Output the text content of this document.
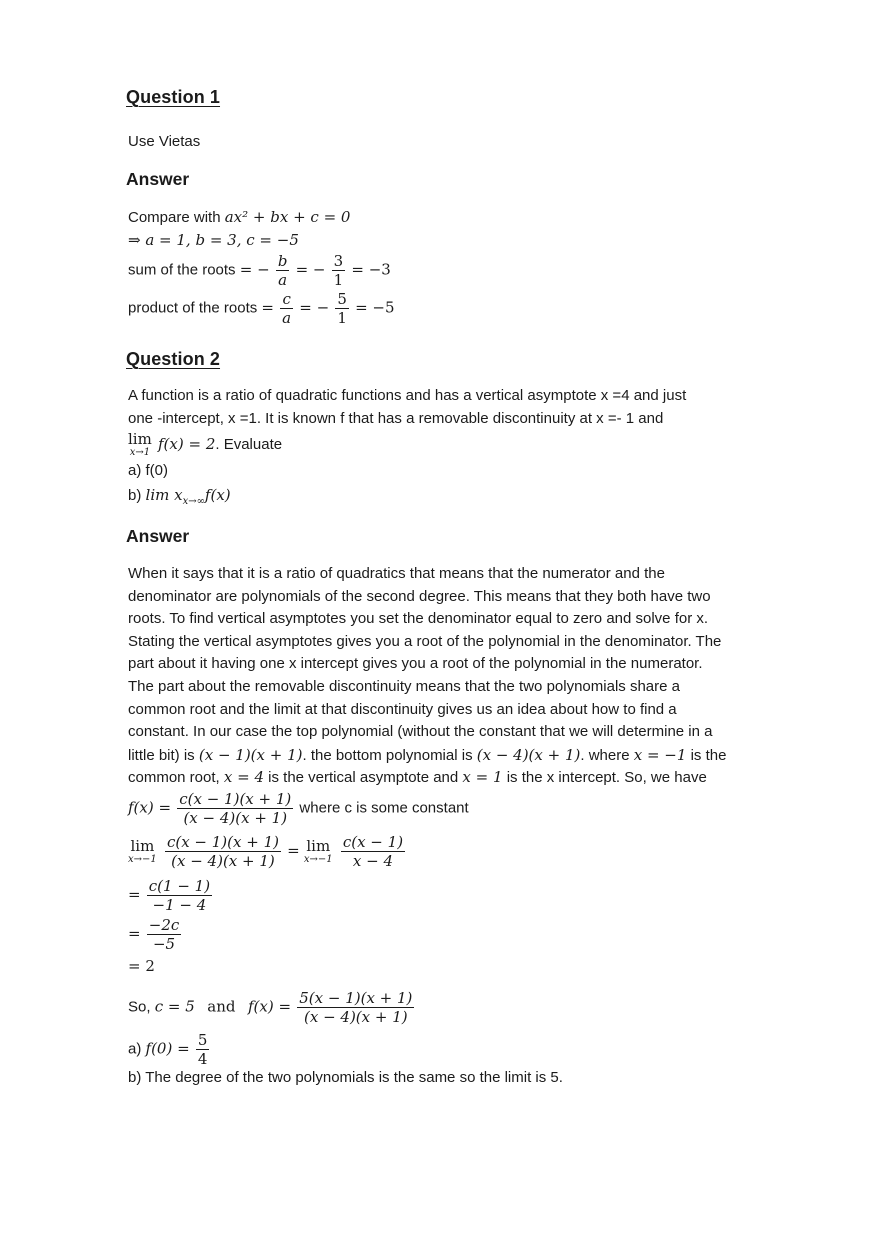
Question 1
Use Vietas
Answer
Compare with ax² + bx + c = 0
⇒ a = 1, b = 3, c = −5
sum of the roots = − $\frac{b}{a}$ = − $\frac{3}{1} = -3$
product of the roots = $\frac{c}{a}$ = − $\frac{5}{1} = -5$
Question 2
A function is a ratio of quadratic functions and has a vertical asymptote x =4 and just
one -intercept, x =1. It is known f that has a removable discontinuity at x =- 1 and
lim
x→1 f(x) = 2. Evaluate
a) f(0)
b) $\lim x_{x\to\infty}f(x)$
Answer
When it says that it is a ratio of quadratics that means that the numerator and the
denominator are polynomials of the second degree. This means that they both have two
roots. To find vertical asymptotes you set the denominator equal to zero and solve for x.
Stating the vertical asymptotes gives you a root of the polynomial in the denominator. The
part about it having one x intercept gives you a root of the polynomial in the numerator.
The part about the removable discontinuity means that the two polynomials share a
common root and the limit at that discontinuity gives us an idea about how to find a
constant. In our case the top polynomial (without the constant that we will determine in a
little bit) is (x − 1)(x + 1). the bottom polynomial is (x − 4)(x + 1). where x = −1 is the
common root, x = 4 is the vertical asymptote and x = 1 is the x intercept. So, we have
$f(x) = \frac{c(x - 1)(x + 1)}{(x - 4)(x + 1)}$ where c is some constant
lim
x→−1
$\frac{c(x - 1)(x + 1)}{(x - 4)(x + 1)} = \lim$
x→−1
$\frac{c(x - 1)}{x - 4}$
= $\frac{c(1 - 1)}{-1 - 4}$
= $\frac{-2c}{-5}$
= 2
So, c = 5 and $f(x) = \frac{5(x - 1)(x + 1)}{(x - 4)(x + 1)}$
a) $f(0) = \frac{5}{4}$
b) The degree of the two polynomials is the same so the limit is 5.
